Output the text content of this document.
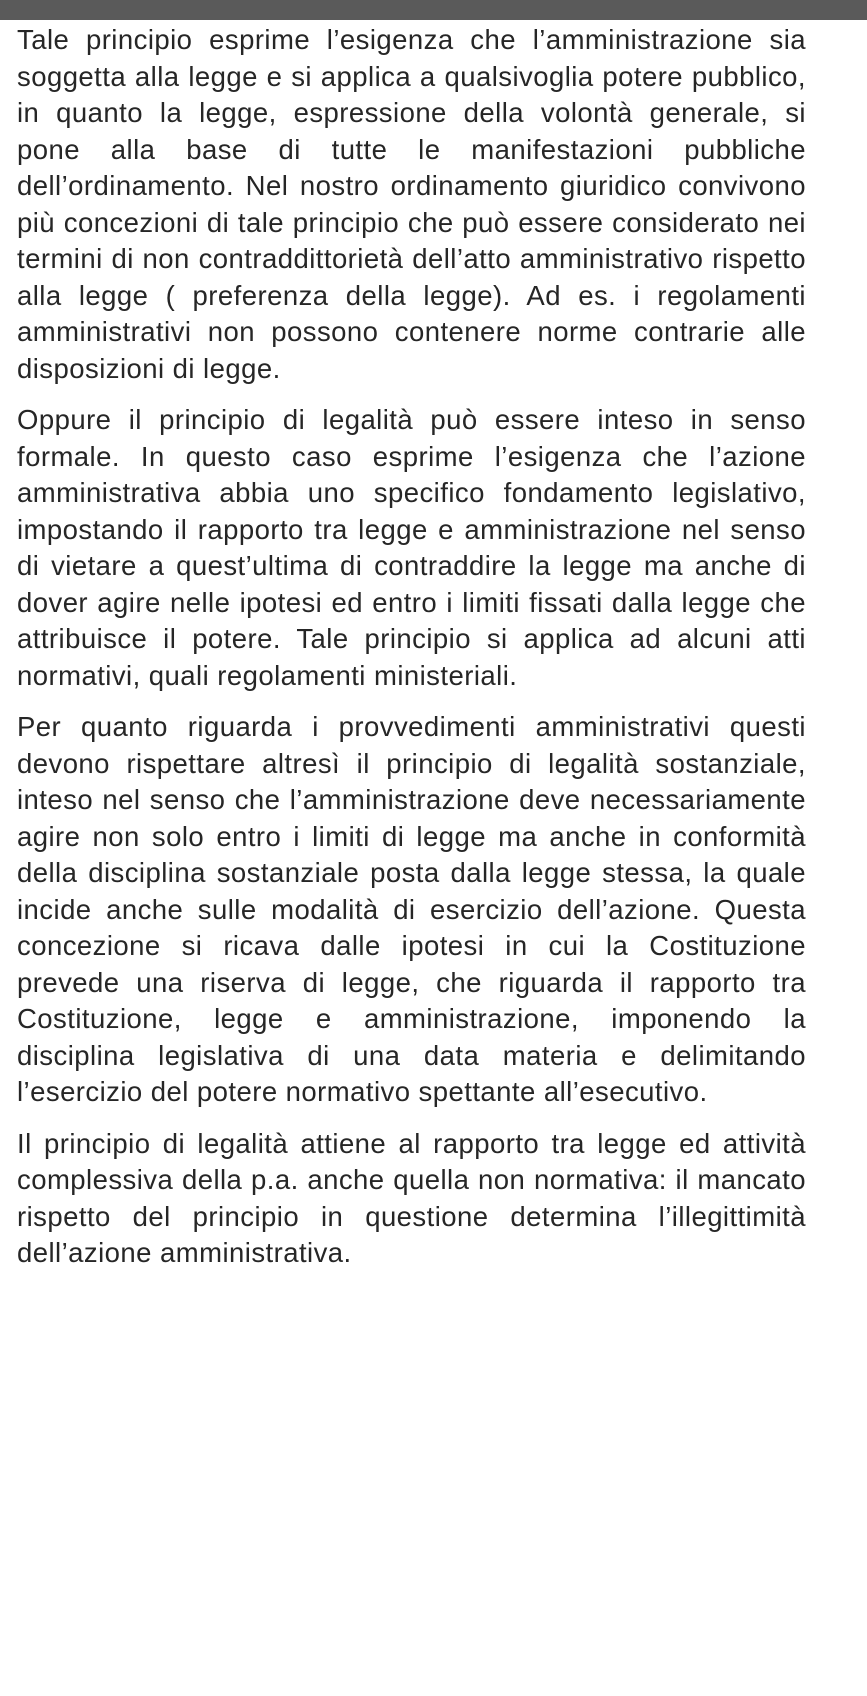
Tale principio esprime l’esigenza che l’amministrazione sia soggetta alla legge e si applica a qualsivoglia potere pubblico, in quanto la legge, espressione della volontà generale, si pone alla base di tutte le manifestazioni pubbliche dell’ordinamento. Nel nostro ordinamento giuridico convivono più concezioni di tale principio che può essere considerato nei termini di non contraddittorietà dell’atto amministrativo rispetto alla legge ( preferenza della legge). Ad es. i regolamenti amministrativi non possono contenere norme contrarie alle disposizioni di legge.

Oppure il principio di legalità può essere inteso in senso formale. In questo caso esprime l’esigenza che l’azione amministrativa abbia uno specifico fondamento legislativo, impostando il rapporto tra legge e amministrazione nel senso di vietare a quest’ultima di contraddire la legge ma anche di dover agire nelle ipotesi ed entro i limiti fissati dalla legge che attribuisce il potere. Tale principio si applica ad alcuni atti normativi, quali regolamenti ministeriali.

Per quanto riguarda i provvedimenti amministrativi questi devono rispettare altresì il principio di legalità sostanziale, inteso nel senso che l’amministrazione deve necessariamente agire non solo entro i limiti di legge ma anche in conformità della disciplina sostanziale posta dalla legge stessa, la quale incide anche sulle modalità di esercizio dell’azione. Questa concezione si ricava dalle ipotesi in cui la Costituzione prevede una riserva di legge, che riguarda il rapporto tra Costituzione, legge e amministrazione, imponendo la disciplina legislativa di una data materia e delimitando l’esercizio del potere normativo spettante all’esecutivo.

Il principio di legalità attiene al rapporto tra legge ed attività complessiva della p.a. anche quella non normativa: il mancato rispetto del principio in questione determina l’illegittimità dell’azione amministrativa.
